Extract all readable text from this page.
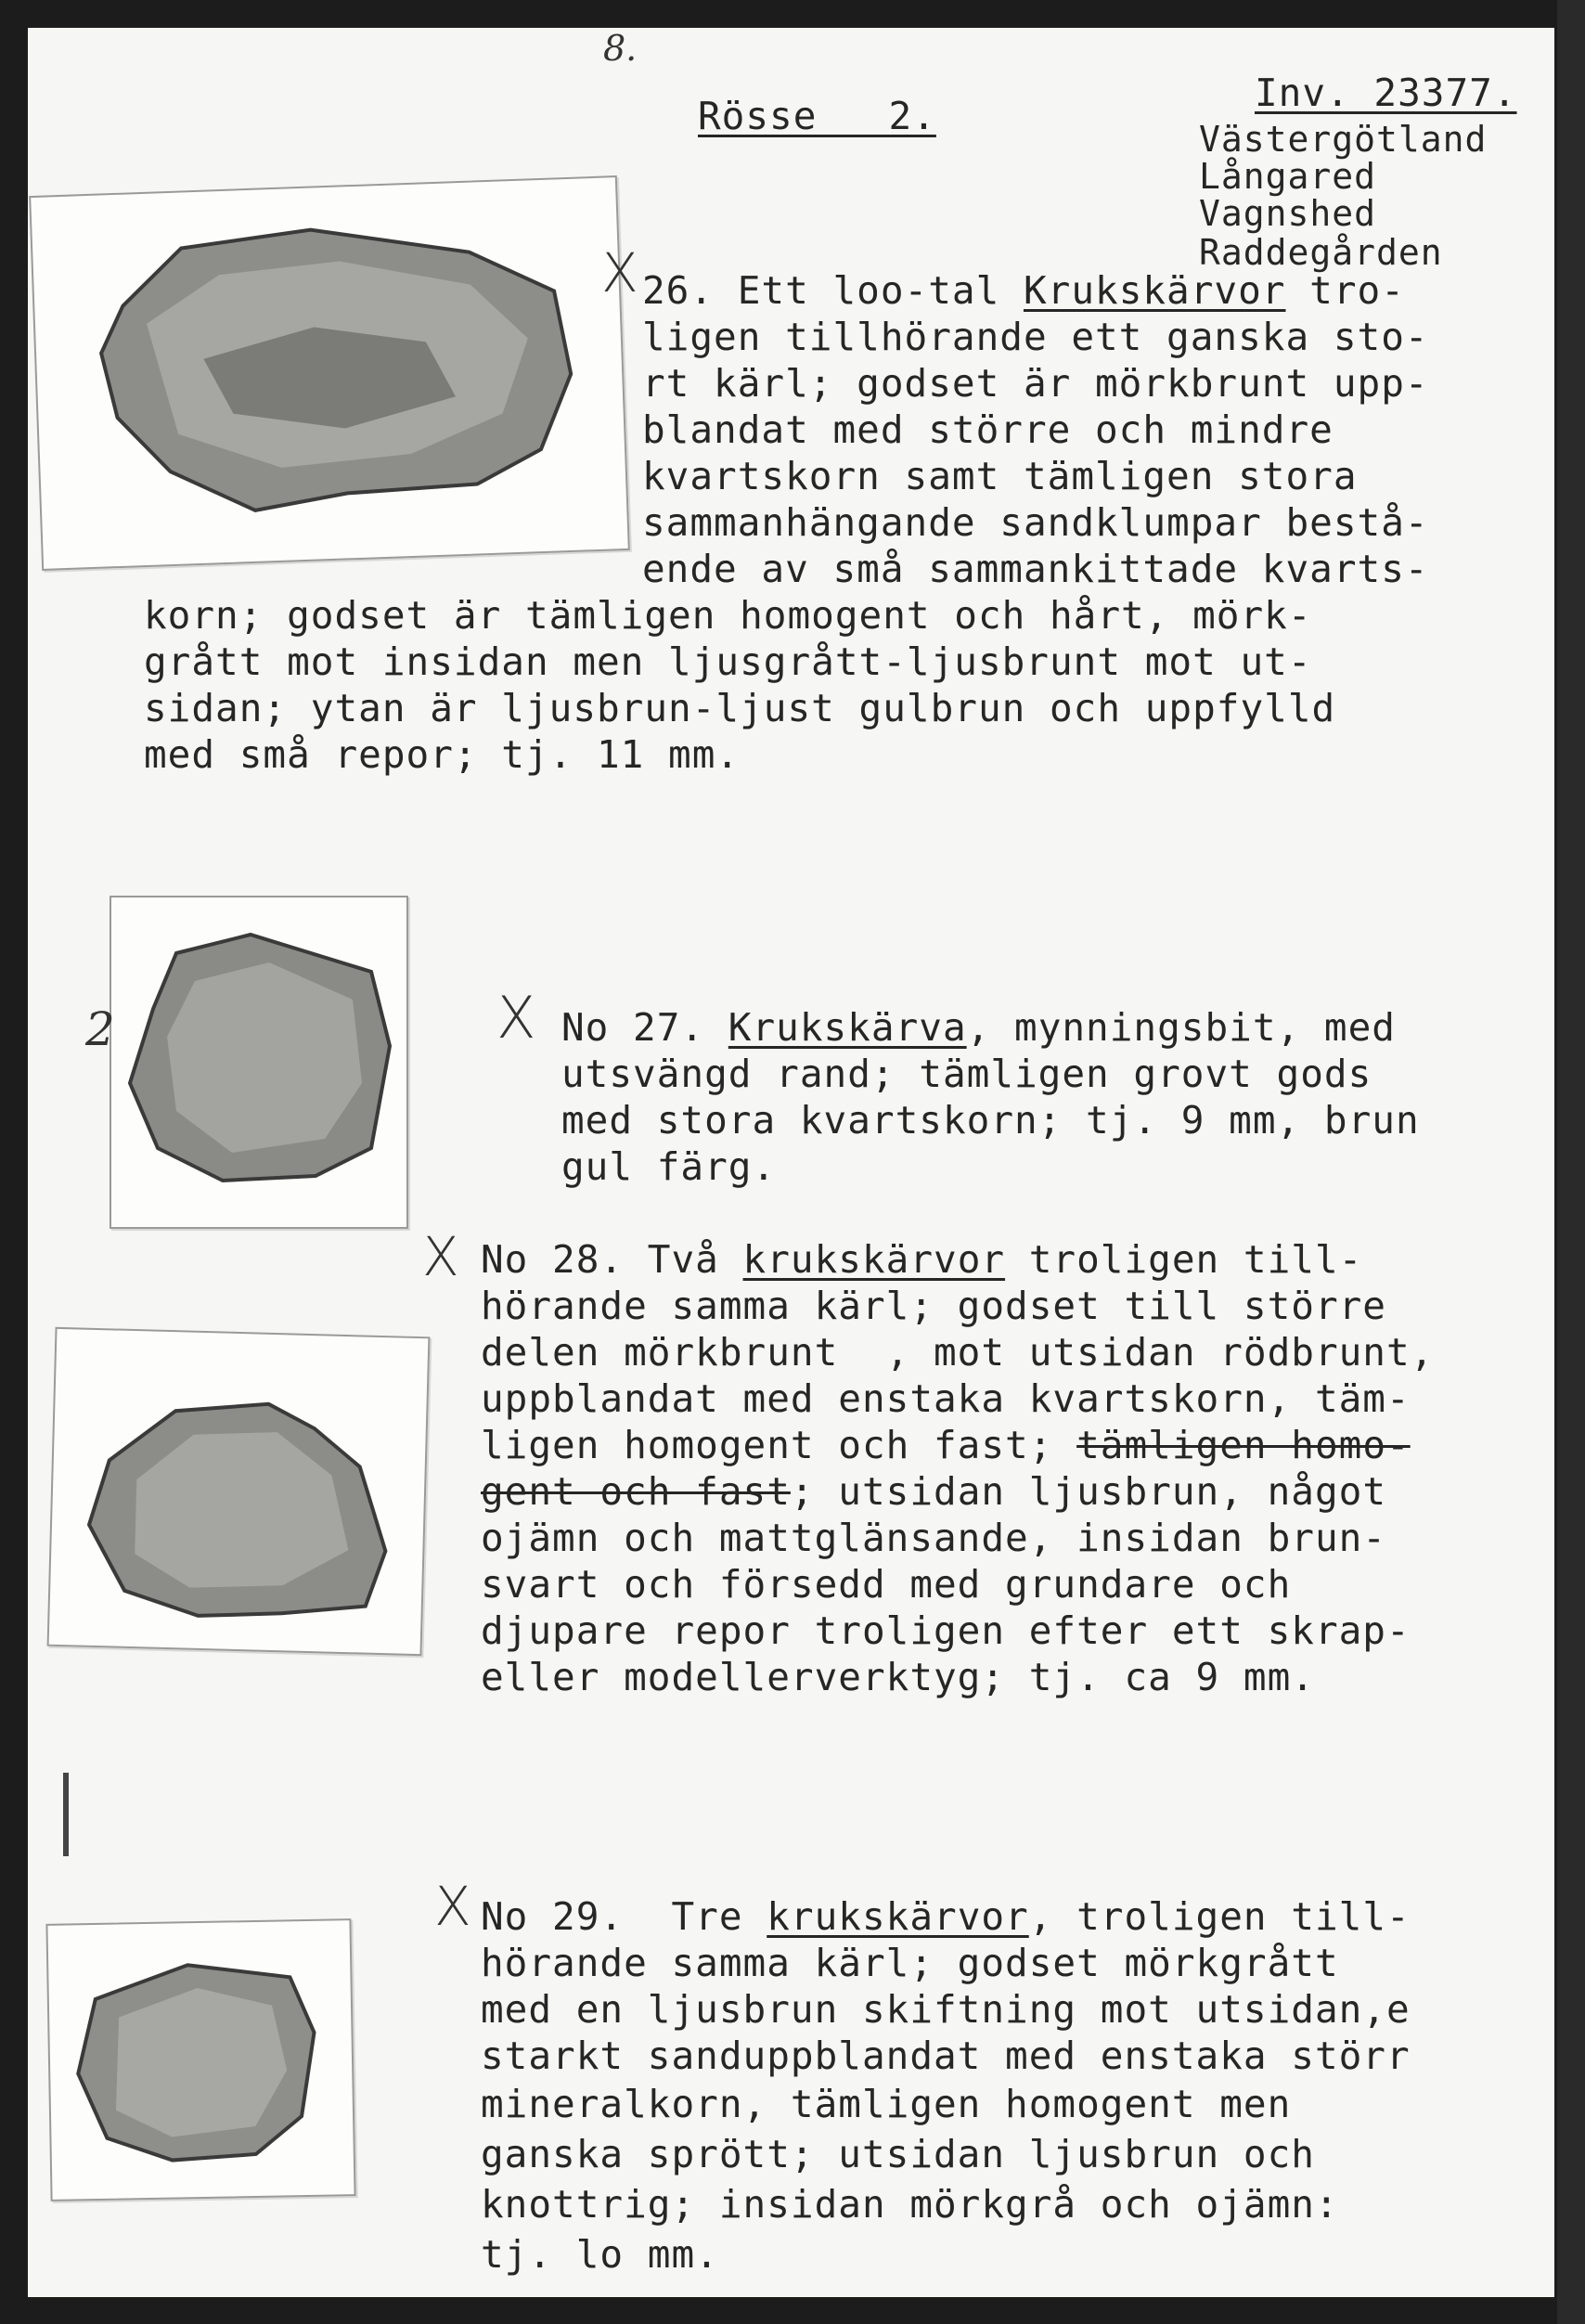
8.

Rösse   2.

Inv. 23377.

Västergötland

Långared

Vagnshed

Raddegården

X 26. Ett loo-tal Krukskärvor tro-

ligen tillhörande ett ganska sto-

rt kärl; godset är mörkbrunt upp-

blandat med större och mindre

kvartskorn samt tämligen stora

sammanhängande sandklumpar bestå-

ende av små sammankittade kvarts-

korn; godset är tämligen homogent och hårt, mörk-

grått mot insidan men ljusgrått-ljusbrunt mot ut-

sidan; ytan är ljusbrun-ljust gulbrun och uppfylld

med små repor; tj. 11 mm.

2	X No 27. Krukskärva, mynningsbit, med

utsvängd rand; tämligen grovt gods

med stora kvartskorn; tj. 9 mm, brun

gul färg.

X No 28. Två krukskärvor troligen till-

hörande samma kärl; godset till större

delen mörkbrunt  , mot utsidan rödbrunt,

uppblandat med enstaka kvartskorn, täm-

ligen homogent och fast; tämligen homo-

gent och fast; utsidan ljusbrun, något

ojämn och mattglänsande, insidan brun-

svart och försedd med grundare och

djupare repor troligen efter ett skrap-

eller modellerverktyg; tj. ca 9 mm.

X No 29.  Tre krukskärvor, troligen till-

hörande samma kärl; godset mörkgrått

med en ljusbrun skiftning mot utsidan,e

starkt sanduppblandat med enstaka störr

mineralkorn, tämligen homogent men

ganska sprött; utsidan ljusbrun och

knottrig; insidan mörkgrå och ojämn:

tj. lo mm.
